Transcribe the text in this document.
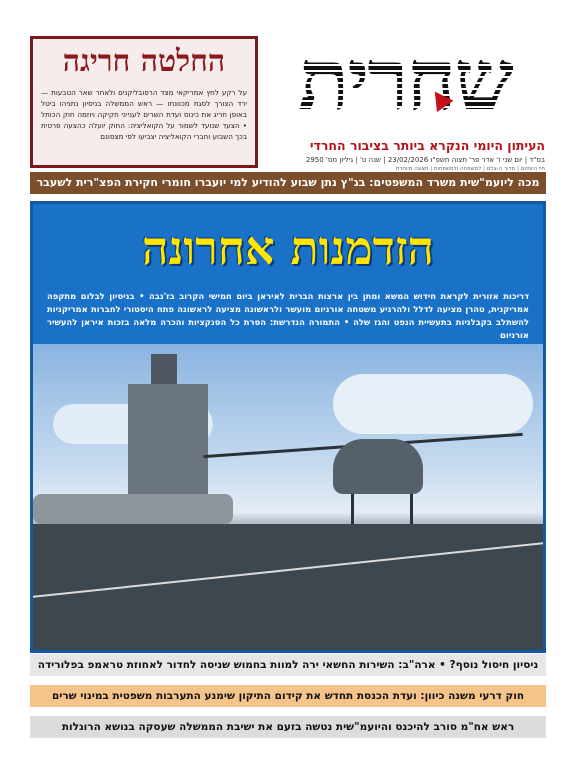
שחרית
העיתון היומי הנקרא ביותר בציבור החרדי
בס"ד | יום שני ז' אדר פר' תצוה תשפ"ו 23/02/2026 | שנה ט' | גיליון מס' 2950
חיי היומיום | מדור ה-צלם | למשפחה ולמשפחות | תצוגה מיוחדת
החלטה חריגה
על רקע לחץ אמריקאי מצד הרפובליקנים ולאחר שאר הטבעות — ירד הצורך לסגת מכוונתו — ראש הממשלה בניסיון נתניהו ביטל באופן חריג את כינוס ועדת השרים לענייני חקיקה ויוזמה חוק הכותל • הצעד שנועד לשמור על הקואליציה: החוק יועלה כהצעה פרטית בכך השבוע וחברי הקואליציה יצביעו לפי מצפונם
מכה ליועמ"שית משרד המשפטים: בג"ץ נתן שבוע להודיע למי יועברו חומרי חקירת הפצ"רית לשעבר
הזדמנות אחרונה
דריכות אזורית לקראת חידוש המשא ומתן בין ארצות הברית לאיראן ביום חמישי הקרוב בז'נבה • בניסיון לבלום מתקפה אמריקנית, טהרן מציעה לדלל ולהרגיע משטחה אורניום מועשר ולראשונה מציעה לראשונה פתח היסטורי לחברות אמריקניות להשתלב בקבלניות בתעשיית הנפט והגז שלה • התמורה הנדרשת: הסרת כל הסנקציות והכרה מלאה בזכות איראן להעשיר אורניום
ניסיון חיסול נוסף? • ארה"ב: השירות החשאי ירה למוות בחמוש שניסה לחדור לאחוזת טראמפ בפלורידה
חוק דרעי משנה כיוון: ועדת הכנסת תחדש את קידום התיקון שימנע התערבות משפטית במינוי שרים
ראש אח"מ סורב להיכנס והיועמ"שית נטשה בזעם את ישיבת הממשלה שעסקה בנושא הרוגלות
